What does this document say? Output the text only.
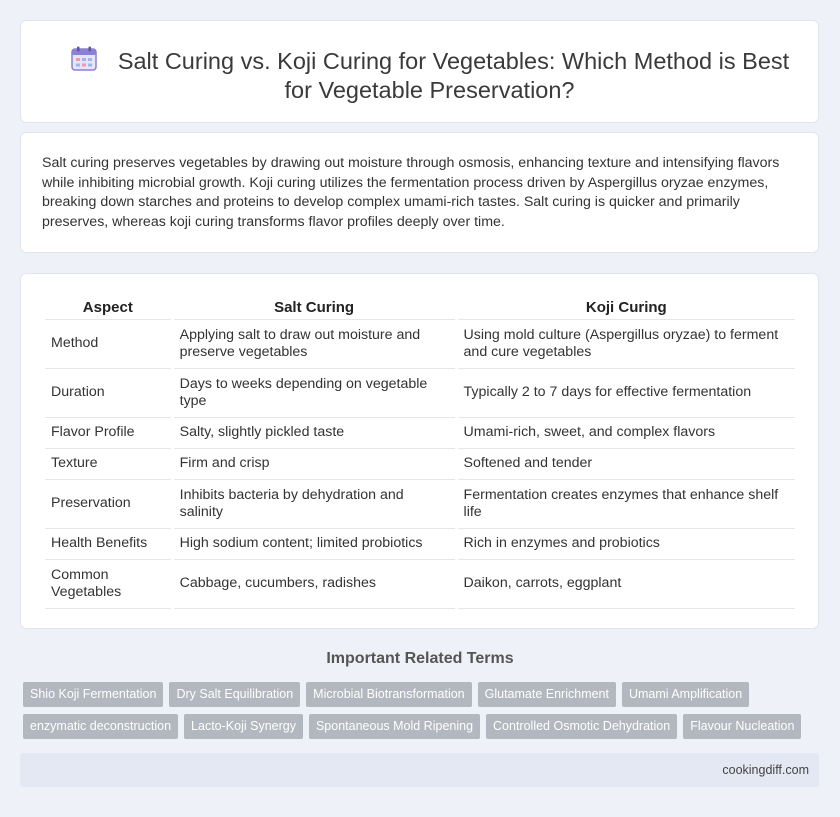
Salt Curing vs. Koji Curing for Vegetables: Which Method is Best for Vegetable Preservation?

Salt curing preserves vegetables by drawing out moisture through osmosis, enhancing texture and intensifying flavors while inhibiting microbial growth. Koji curing utilizes the fermentation process driven by Aspergillus oryzae enzymes, breaking down starches and proteins to develop complex umami-rich tastes. Salt curing is quicker and primarily preserves, whereas koji curing transforms flavor profiles deeply over time.

Aspect	Salt Curing	Koji Curing
Method	Applying salt to draw out moisture and preserve vegetables	Using mold culture (Aspergillus oryzae) to ferment and cure vegetables
Duration	Days to weeks depending on vegetable type	Typically 2 to 7 days for effective fermentation
Flavor Profile	Salty, slightly pickled taste	Umami-rich, sweet, and complex flavors
Texture	Firm and crisp	Softened and tender
Preservation	Inhibits bacteria by dehydration and salinity	Fermentation creates enzymes that enhance shelf life
Health Benefits	High sodium content; limited probiotics	Rich in enzymes and probiotics
Common Vegetables	Cabbage, cucumbers, radishes	Daikon, carrots, eggplant
Important Related Terms
Shio Koji Fermentation Dry Salt Equilibration Microbial Biotransformation Glutamate Enrichment Umami Amplification
enzymatic deconstruction Lacto-Koji Synergy Spontaneous Mold Ripening Controlled Osmotic Dehydration Flavour Nucleation
cookingdiff.com
